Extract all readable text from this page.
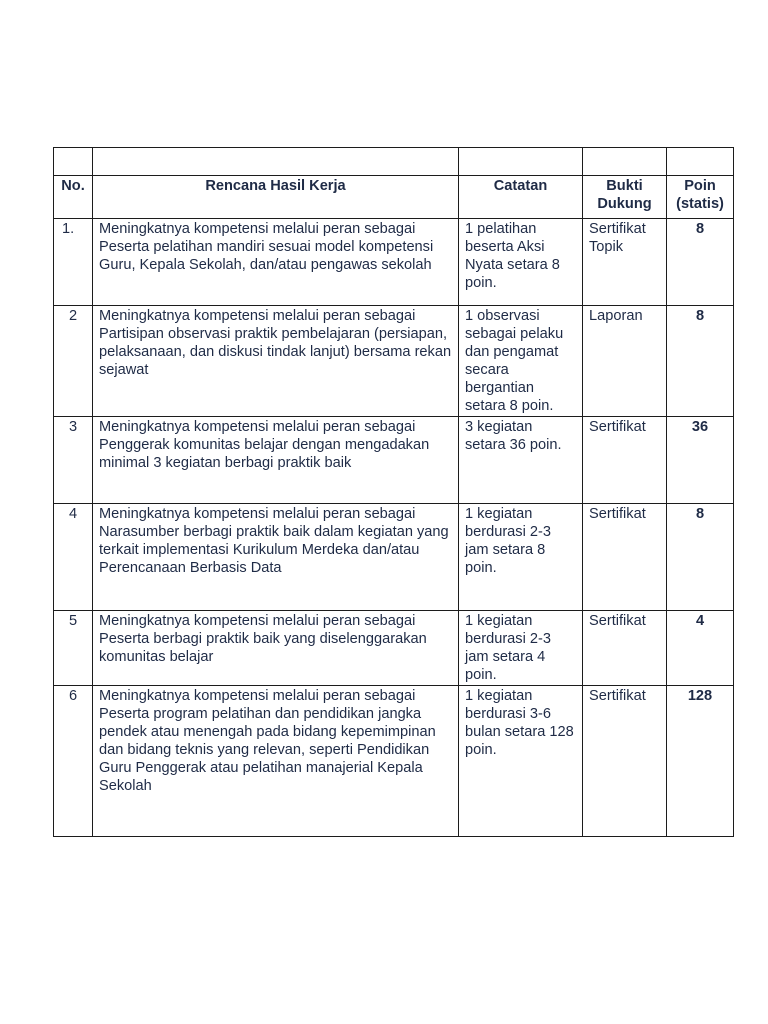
No.	Rencana Hasil Kerja	Catatan	Bukti Dukung	Poin (statis)
1.	Meningkatnya kompetensi melalui peran sebagai Peserta pelatihan mandiri sesuai model kompetensi Guru, Kepala Sekolah, dan/atau pengawas sekolah	1 pelatihan beserta Aksi Nyata setara 8 poin.	Sertifikat Topik	8
2	Meningkatnya kompetensi melalui peran sebagai Partisipan observasi praktik pembelajaran (persiapan, pelaksanaan, dan diskusi tindak lanjut) bersama rekan sejawat	1 observasi sebagai pelaku dan pengamat secara bergantian setara 8 poin.	Laporan	8
3	Meningkatnya kompetensi melalui peran sebagai Penggerak komunitas belajar dengan mengadakan minimal 3 kegiatan berbagi praktik baik	3 kegiatan setara 36 poin.	Sertifikat	36
4	Meningkatnya kompetensi melalui peran sebagai Narasumber berbagi praktik baik dalam kegiatan yang terkait implementasi Kurikulum Merdeka dan/atau Perencanaan Berbasis Data	1 kegiatan berdurasi 2-3 jam setara 8 poin.	Sertifikat	8
5	Meningkatnya kompetensi melalui peran sebagai Peserta berbagi praktik baik yang diselenggarakan komunitas belajar	1 kegiatan berdurasi 2-3 jam setara 4 poin.	Sertifikat	4
6	Meningkatnya kompetensi melalui peran sebagai Peserta program pelatihan dan pendidikan jangka pendek atau menengah pada bidang kepemimpinan dan bidang teknis yang relevan, seperti Pendidikan Guru Penggerak atau pelatihan manajerial Kepala Sekolah	1 kegiatan berdurasi 3-6 bulan setara 128 poin.	Sertifikat	128
